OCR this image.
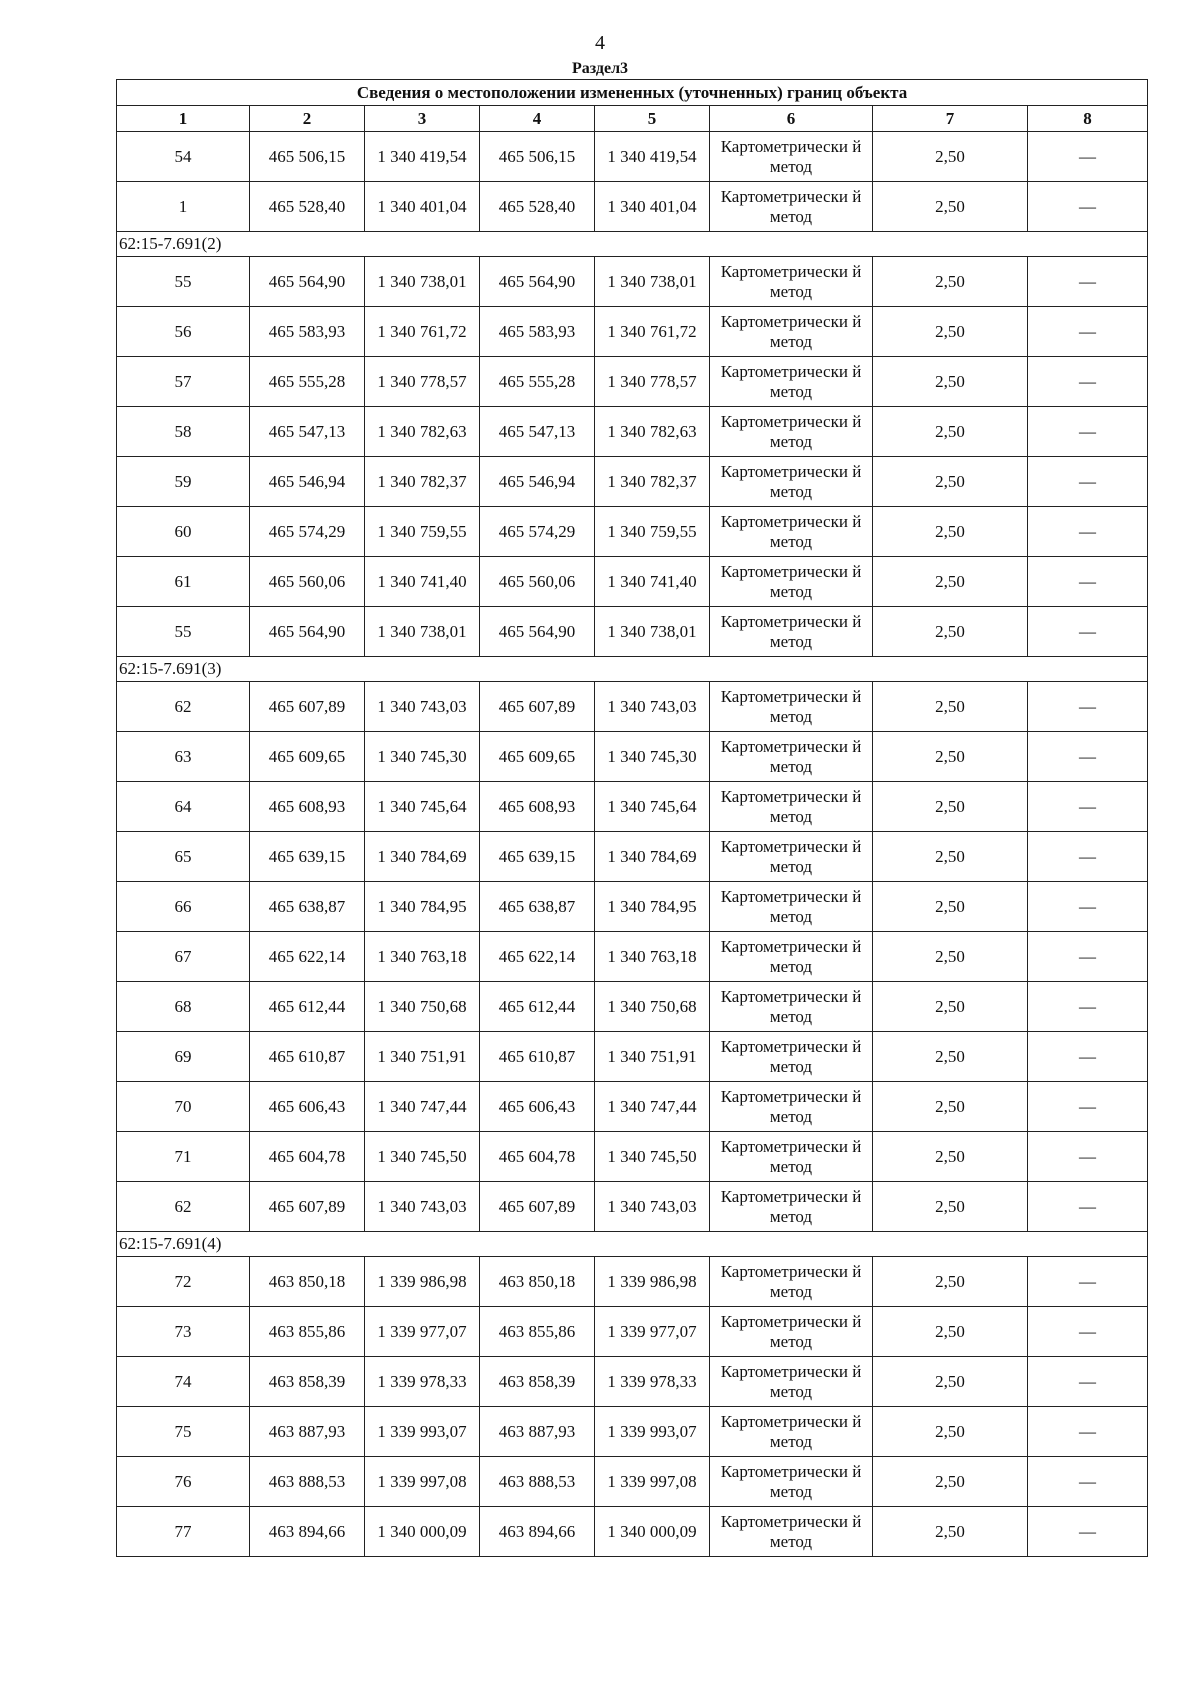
4
Раздел3
Сведения о местоположении измененных (уточненных) границ объекта							
1	2	3	4	5	6	7	8
54	465 506,15	1 340 419,54	465 506,15	1 340 419,54	Картометрически й метод	2,50	—
1	465 528,40	1 340 401,04	465 528,40	1 340 401,04	Картометрически й метод	2,50	—
62:15-7.691(2)							
55	465 564,90	1 340 738,01	465 564,90	1 340 738,01	Картометрически й метод	2,50	—
56	465 583,93	1 340 761,72	465 583,93	1 340 761,72	Картометрически й метод	2,50	—
57	465 555,28	1 340 778,57	465 555,28	1 340 778,57	Картометрически й метод	2,50	—
58	465 547,13	1 340 782,63	465 547,13	1 340 782,63	Картометрически й метод	2,50	—
59	465 546,94	1 340 782,37	465 546,94	1 340 782,37	Картометрически й метод	2,50	—
60	465 574,29	1 340 759,55	465 574,29	1 340 759,55	Картометрически й метод	2,50	—
61	465 560,06	1 340 741,40	465 560,06	1 340 741,40	Картометрически й метод	2,50	—
55	465 564,90	1 340 738,01	465 564,90	1 340 738,01	Картометрически й метод	2,50	—
62:15-7.691(3)							
62	465 607,89	1 340 743,03	465 607,89	1 340 743,03	Картометрически й метод	2,50	—
63	465 609,65	1 340 745,30	465 609,65	1 340 745,30	Картометрически й метод	2,50	—
64	465 608,93	1 340 745,64	465 608,93	1 340 745,64	Картометрически й метод	2,50	—
65	465 639,15	1 340 784,69	465 639,15	1 340 784,69	Картометрически й метод	2,50	—
66	465 638,87	1 340 784,95	465 638,87	1 340 784,95	Картометрически й метод	2,50	—
67	465 622,14	1 340 763,18	465 622,14	1 340 763,18	Картометрически й метод	2,50	—
68	465 612,44	1 340 750,68	465 612,44	1 340 750,68	Картометрически й метод	2,50	—
69	465 610,87	1 340 751,91	465 610,87	1 340 751,91	Картометрически й метод	2,50	—
70	465 606,43	1 340 747,44	465 606,43	1 340 747,44	Картометрически й метод	2,50	—
71	465 604,78	1 340 745,50	465 604,78	1 340 745,50	Картометрически й метод	2,50	—
62	465 607,89	1 340 743,03	465 607,89	1 340 743,03	Картометрически й метод	2,50	—
62:15-7.691(4)							
72	463 850,18	1 339 986,98	463 850,18	1 339 986,98	Картометрически й метод	2,50	—
73	463 855,86	1 339 977,07	463 855,86	1 339 977,07	Картометрически й метод	2,50	—
74	463 858,39	1 339 978,33	463 858,39	1 339 978,33	Картометрически й метод	2,50	—
75	463 887,93	1 339 993,07	463 887,93	1 339 993,07	Картометрически й метод	2,50	—
76	463 888,53	1 339 997,08	463 888,53	1 339 997,08	Картометрически й метод	2,50	—
77	463 894,66	1 340 000,09	463 894,66	1 340 000,09	Картометрически й метод	2,50	—
